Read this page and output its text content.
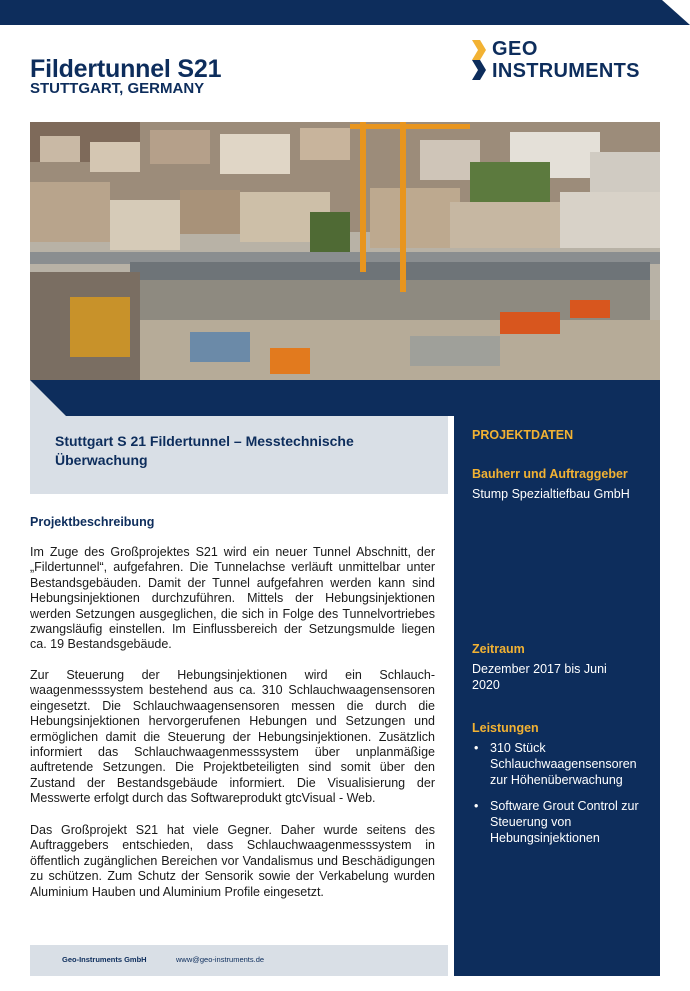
Fildertunnel S21
STUTTGART, GERMANY
GEO
INSTRUMENTS
Stuttgart S 21 Fildertunnel – Messtechnische Überwachung
PROJEKTDATEN
Bauherr und Auftraggeber
Stump Spezialtiefbau GmbH
Zeitraum
Dezember 2017 bis Juni 2020
Leistungen
• 310 Stück Schlauchwaagensensoren zur Höhenüberwachung
• Software Grout Control zur Steuerung von Hebungsinjektionen
Projektbeschreibung
Im Zuge des Großprojektes S21 wird ein neuer Tunnel Abschnitt, der „Fildertunnel“, aufgefahren. Die Tunnelachse verläuft unmittelbar unter Bestandsgebäuden. Damit der Tunnel aufgefahren werden kann sind Hebungsinjektionen durchzuführen. Mittels der Hebungsinjektionen werden Setzungen ausgeglichen, die sich in Folge des Tunnelvortriebes zwangsläufig einstellen. Im Einflussbereich der Setzungsmulde liegen ca. 19 Bestandsgebäude.
Zur Steuerung der Hebungsinjektionen wird ein Schlauchwaagenmesssystem bestehend aus ca. 310 Schlauchwaagensensoren eingesetzt. Die Schlauchwaagensensoren messen die durch die Hebungsinjektionen hervorgerufenen Hebungen und Setzungen und ermöglichen damit die Steuerung der Hebungsinjektionen. Zusätzlich informiert das Schlauchwaagenmesssystem über unplanmäßige auftretende Setzungen. Die Projektbeteiligten sind somit über den Zustand der Bestandsgebäude informiert. Die Visualisierung der Messwerte erfolgt durch das Softwareprodukt gtcVisual - Web.
Das Großprojekt S21 hat viele Gegner. Daher wurde seitens des Auftraggebers entschieden, dass Schlauchwaagenmesssystem in öffentlich zugänglichen Bereichen vor Vandalismus und Beschädigungen zu schützen. Zum Schutz der Sensorik sowie der Verkabelung wurden Aluminium Hauben und Aluminium Profile eingesetzt.
Geo-Instruments GmbH	www@geo-instruments.de
